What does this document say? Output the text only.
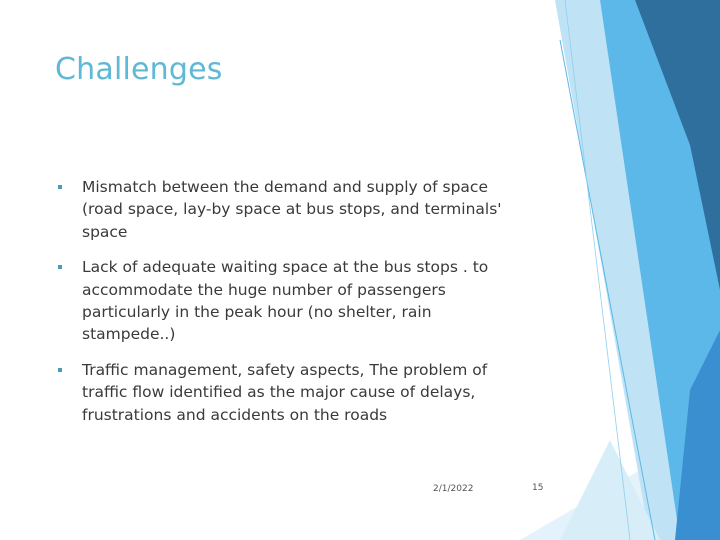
Challenges
Mismatch between the demand and supply of space (road space, lay-by space at bus stops, and terminals' space
Lack of adequate waiting space at the bus stops . to accommodate the huge number of passengers particularly in the peak hour (no shelter, rain stampede..)
Traffic management, safety aspects, The problem of traffic flow identified as the major cause of delays, frustrations and accidents on the roads
2/1/2022	15
